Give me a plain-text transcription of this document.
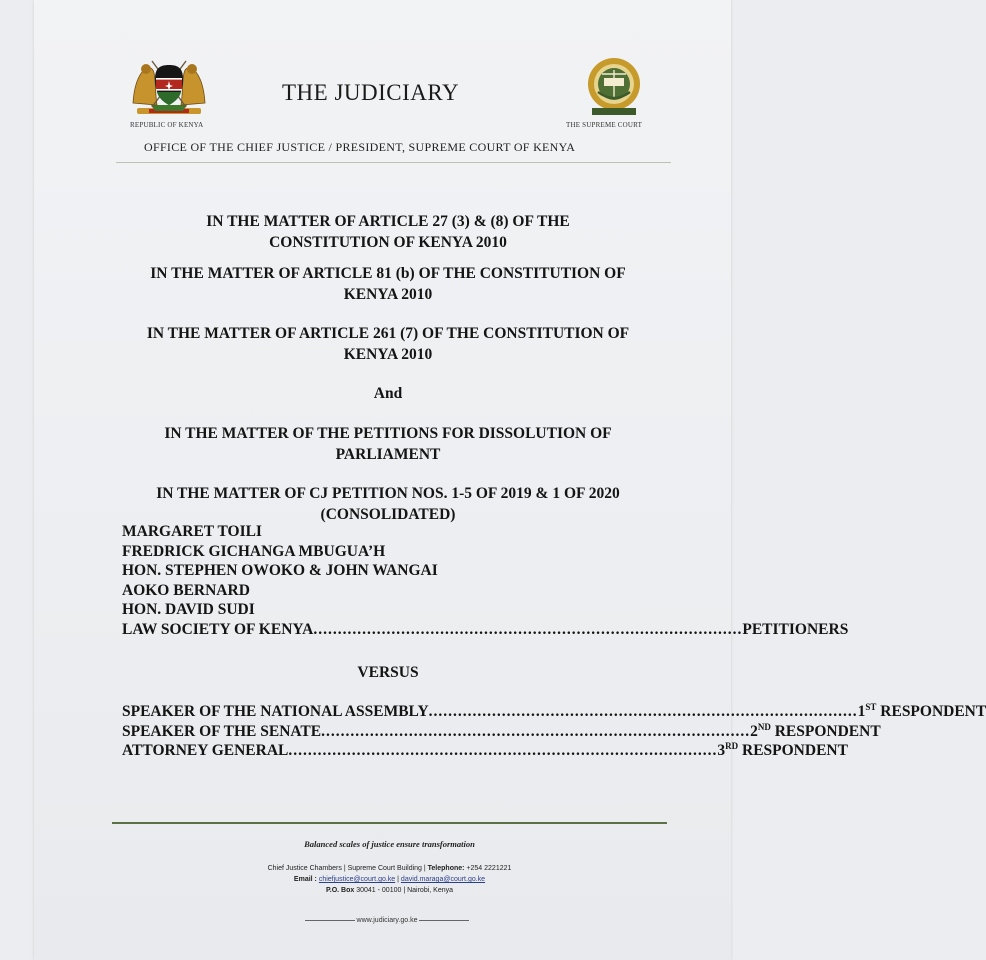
REPUBLIC OF KENYA
THE JUDICIARY
THE SUPREME COURT
OFFICE OF THE CHIEF JUSTICE / PRESIDENT, SUPREME COURT OF KENYA
IN THE MATTER OF ARTICLE 27 (3) & (8) OF THE
CONSTITUTION OF KENYA 2010
IN THE MATTER OF ARTICLE 81 (b) OF THE CONSTITUTION OF
KENYA 2010
IN THE MATTER OF ARTICLE 261 (7) OF THE CONSTITUTION OF
KENYA 2010
And
IN THE MATTER OF THE PETITIONS FOR DISSOLUTION OF
PARLIAMENT
IN THE MATTER OF CJ PETITION NOS. 1-5 OF 2019 & 1 OF 2020
(CONSOLIDATED)
MARGARET TOILI
FREDRICK GICHANGA MBUGUA’H
HON. STEPHEN OWOKO & JOHN WANGAI
AOKO BERNARD
HON. DAVID SUDI
LAW SOCIETY OF KENYA ........................................................................................ PETITIONERS
VERSUS
SPEAKER OF THE NATIONAL ASSEMBLY ........................................................................................ 1ST RESPONDENT
SPEAKER OF THE SENATE ........................................................................................ 2ND RESPONDENT
ATTORNEY GENERAL ........................................................................................ 3RD RESPONDENT
Balanced scales of justice ensure transformation
Chief Justice Chambers | Supreme Court Building | Telephone: +254 2221221
Email : chiefjustice@court.go.ke | david.maraga@court.go.ke
P.O. Box 30041 - 00100 | Nairobi, Kenya
www.judiciary.go.ke
